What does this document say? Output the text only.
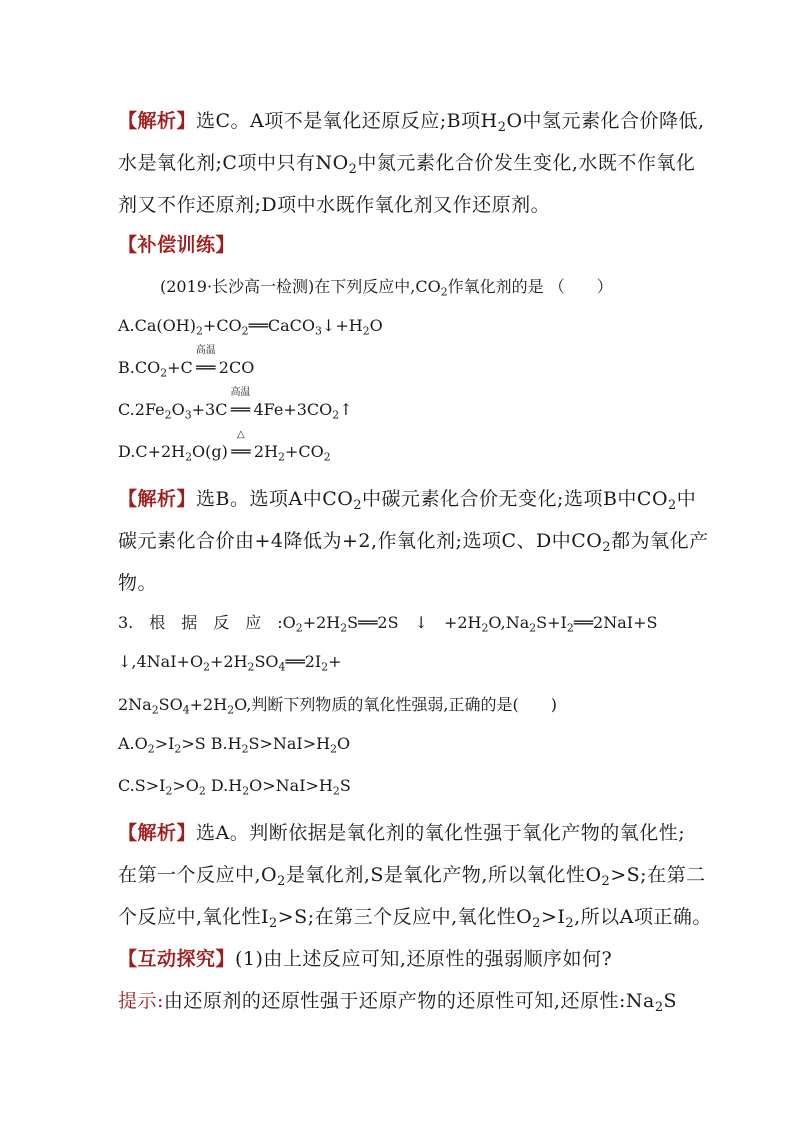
【解析】选C。A项不是氧化还原反应;B项$H_2O$中氢元素化合价降低,
水是氧化剂;C项中只有$NO_2$中氮元素化合价发生变化,水既不作氧化
剂又不作还原剂;D项中水既作氧化剂又作还原剂。
【补偿训练】
(2019·长沙高一检测)在下列反应中$,CO_2$作氧化剂的是 （　　）
$A.Ca(OH)_2+CO_2══CaCO_3↓+H_2O$
$B.CO_2+C$
高温
══ 2CO
$C.2Fe_2O_3+3C$
高温
══ $4Fe+3CO_2↑$
$D.C+2H_2O(g)$
△
══ $2H_2+CO_2$
【解析】选B。选项A中$CO_2$中碳元素化合价无变化;选项B中$CO_2$中
碳元素化合价由+4降低为+2,作氧化剂;选项C、D中$CO_2$都为氧化产
物。
3.　根　据　反　应　$:O_2+2H_2S══2S$　↓　$+2H_2O,Na_2S+I_2══2NaI+S$
$↓,4NaI+O_2+2H_2SO_4══2I_2+$
$2Na_2SO_4+2H_2O$,判断下列物质的氧化性强弱,正确的是(　　)
$A.O_2>I_2>S$ $B.H_2S>NaI>H_2O$
$C.S>I_2>O_2$ $D.H_2O>NaI>H_2S$
【解析】选A。判断依据是氧化剂的氧化性强于氧化产物的氧化性;
在第一个反应中$,O_2$是氧化剂,S是氧化产物,所以氧化性$O_2>S$;在第二
个反应中,氧化性$I_2>S$;在第三个反应中,氧化性$O_2>I_2$,所以A项正确。
【互动探究】(1)由上述反应可知,还原性的强弱顺序如何?
提示:由还原剂的还原性强于还原产物的还原性可知,还原性$:Na_2S$
